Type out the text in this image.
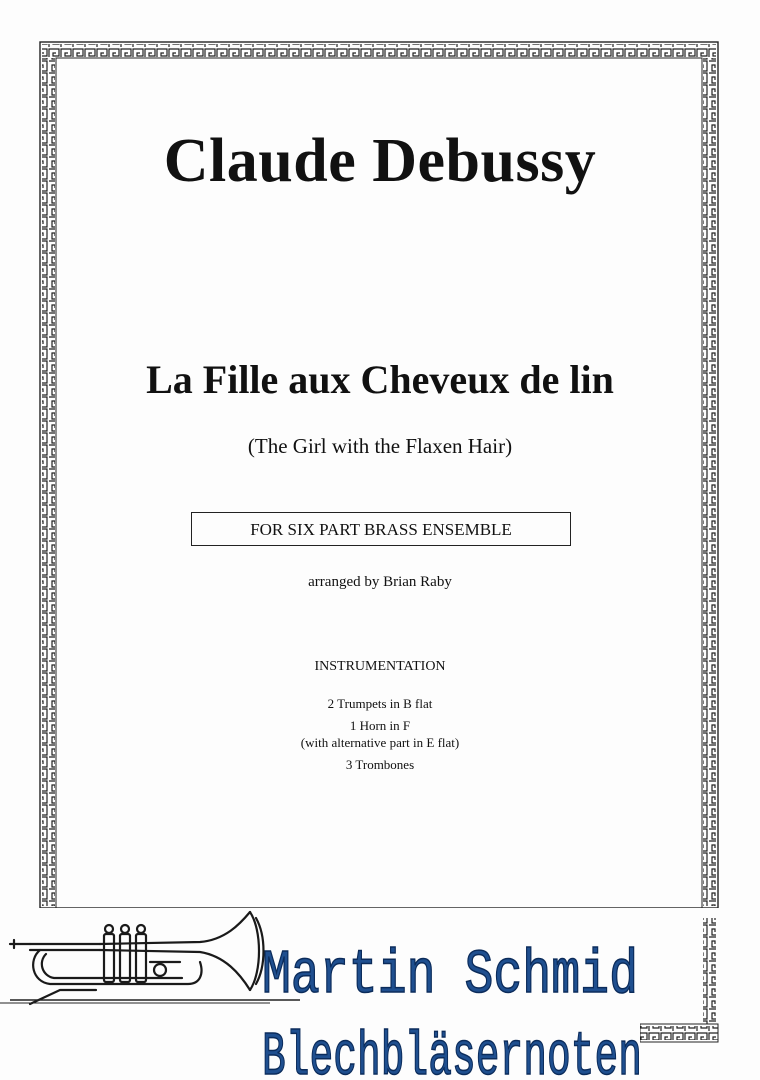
Claude Debussy
La Fille aux Cheveux de lin
(The Girl with the Flaxen Hair)
FOR SIX PART BRASS ENSEMBLE
arranged by Brian Raby
INSTRUMENTATION
2 Trumpets in B flat
1 Horn in F
(with alternative part in E flat)
3 Trombones
Martin Schmid
Blechbläsernoten
